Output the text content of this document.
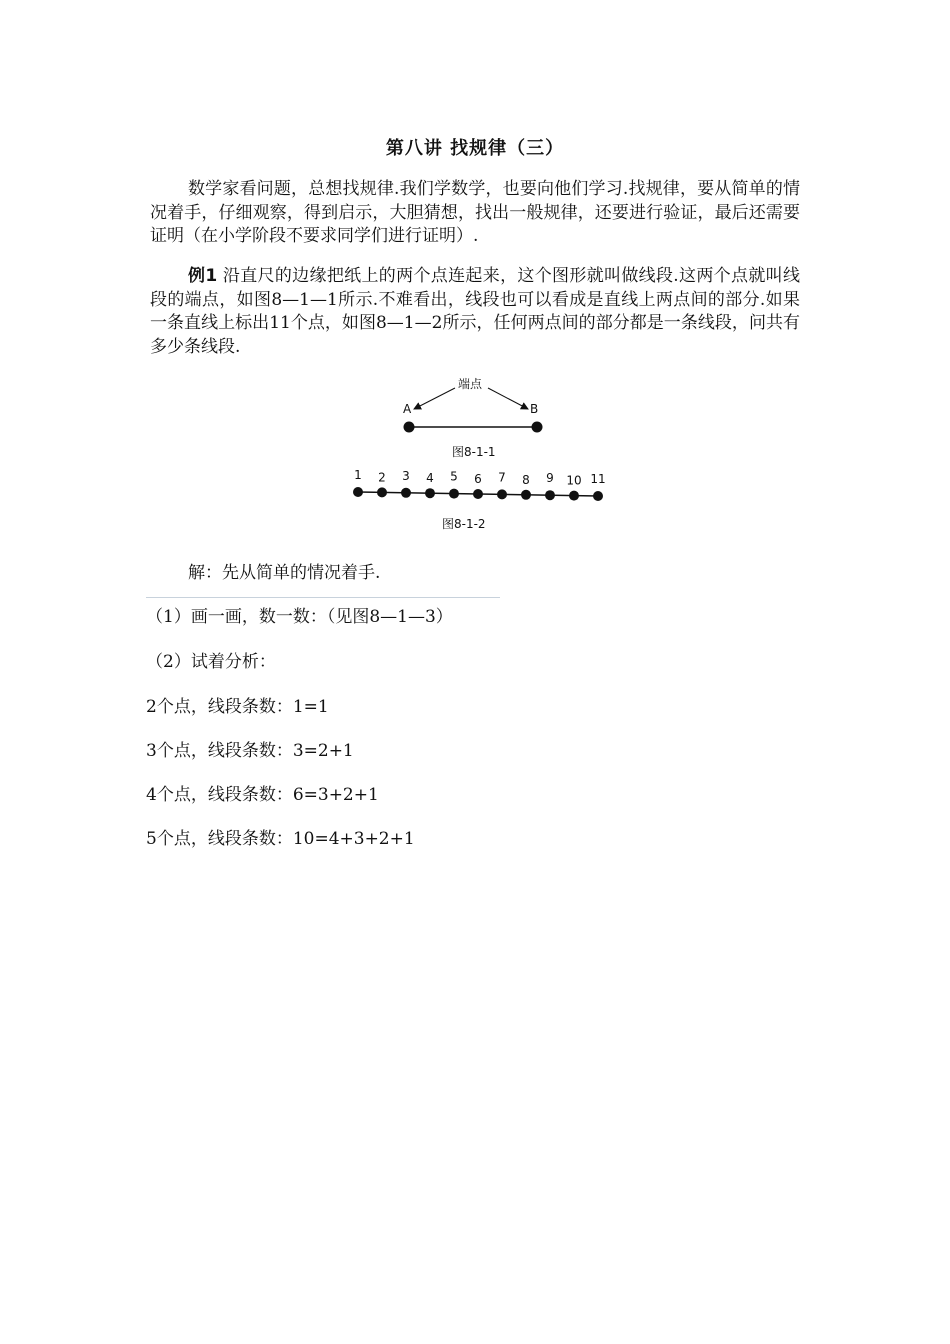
第八讲 找规律（三）

数学家看问题，总想找规律.我们学数学，也要向他们学习.找规律，要从简单的情况着手，仔细观察，得到启示，大胆猜想，找出一般规律，还要进行验证，最后还需要证明（在小学阶段不要求同学们进行证明）.

例1 沿直尺的边缘把纸上的两个点连起来，这个图形就叫做线段.这两个点就叫线段的端点，如图8—1—1所示.不难看出，线段也可以看成是直线上两点间的部分.如果一条直线上标出11个点，如图8—1—2所示，任何两点间的部分都是一条线段，问共有多少条线段.

端点
A	B
图8-1-1
图8-1-2
1 2 3 4 5 6 7 8 9 10 11

解：先从简单的情况着手.

（1）画一画，数一数：（见图8—1—3）

（2）试着分析：

2个点，线段条数：1=1

3个点，线段条数：3=2+1

4个点，线段条数：6=3+2+1

5个点，线段条数：10=4+3+2+1
